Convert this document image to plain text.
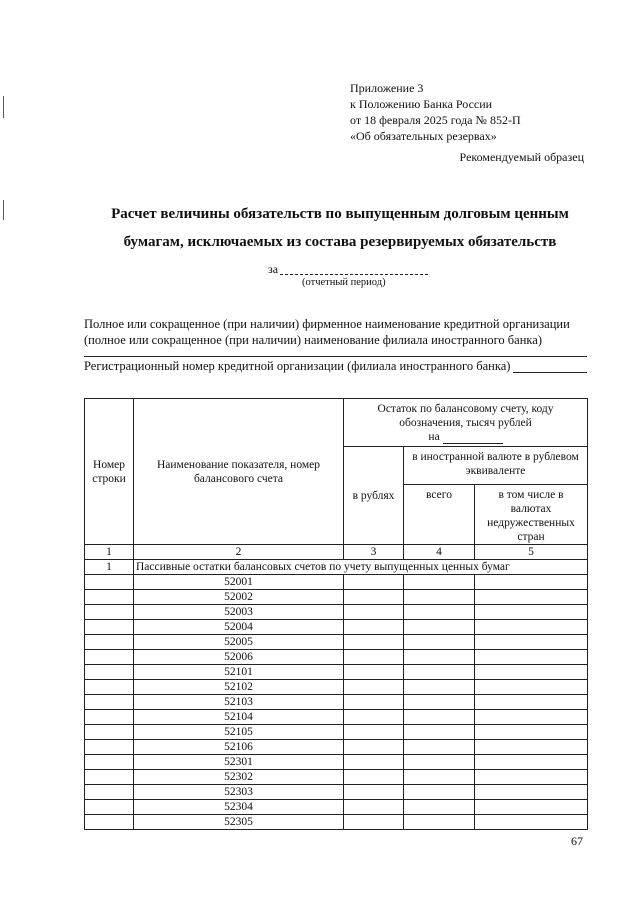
Приложение 3
к Положению Банка России
от 18 февраля 2025 года № 852-П
«Об обязательных резервах»
Рекомендуемый образец
Расчет величины обязательств по выпущенным долговым ценным
бумагам, исключаемых из состава резервируемых обязательств
за
(отчетный период)
Полное или сокращенное (при наличии) фирменное наименование кредитной организации
(полное или сокращенное (при наличии) наименование филиала иностранного банка)
Регистрационный номер кредитной организации (филиала иностранного банка)
Номер строки	Наименование показателя, номер балансового счета	Остаток по балансовому счету, коду обозначения, тысяч рублей
на		

		в рублях	в иностранной валюте в рублевом эквиваленте	
			всего	в том числе в валютах недружественных стран
1	2	3	4	5
1	Пассивные остатки балансовых счетов по учету выпущенных ценных бумаг			
	52001			
	52002			
	52003			
	52004			
	52005			
	52006			
	52101			
	52102			
	52103			
	52104			
	52105			
	52106			
	52301			
	52302			
	52303			
	52304			
	52305			
67
